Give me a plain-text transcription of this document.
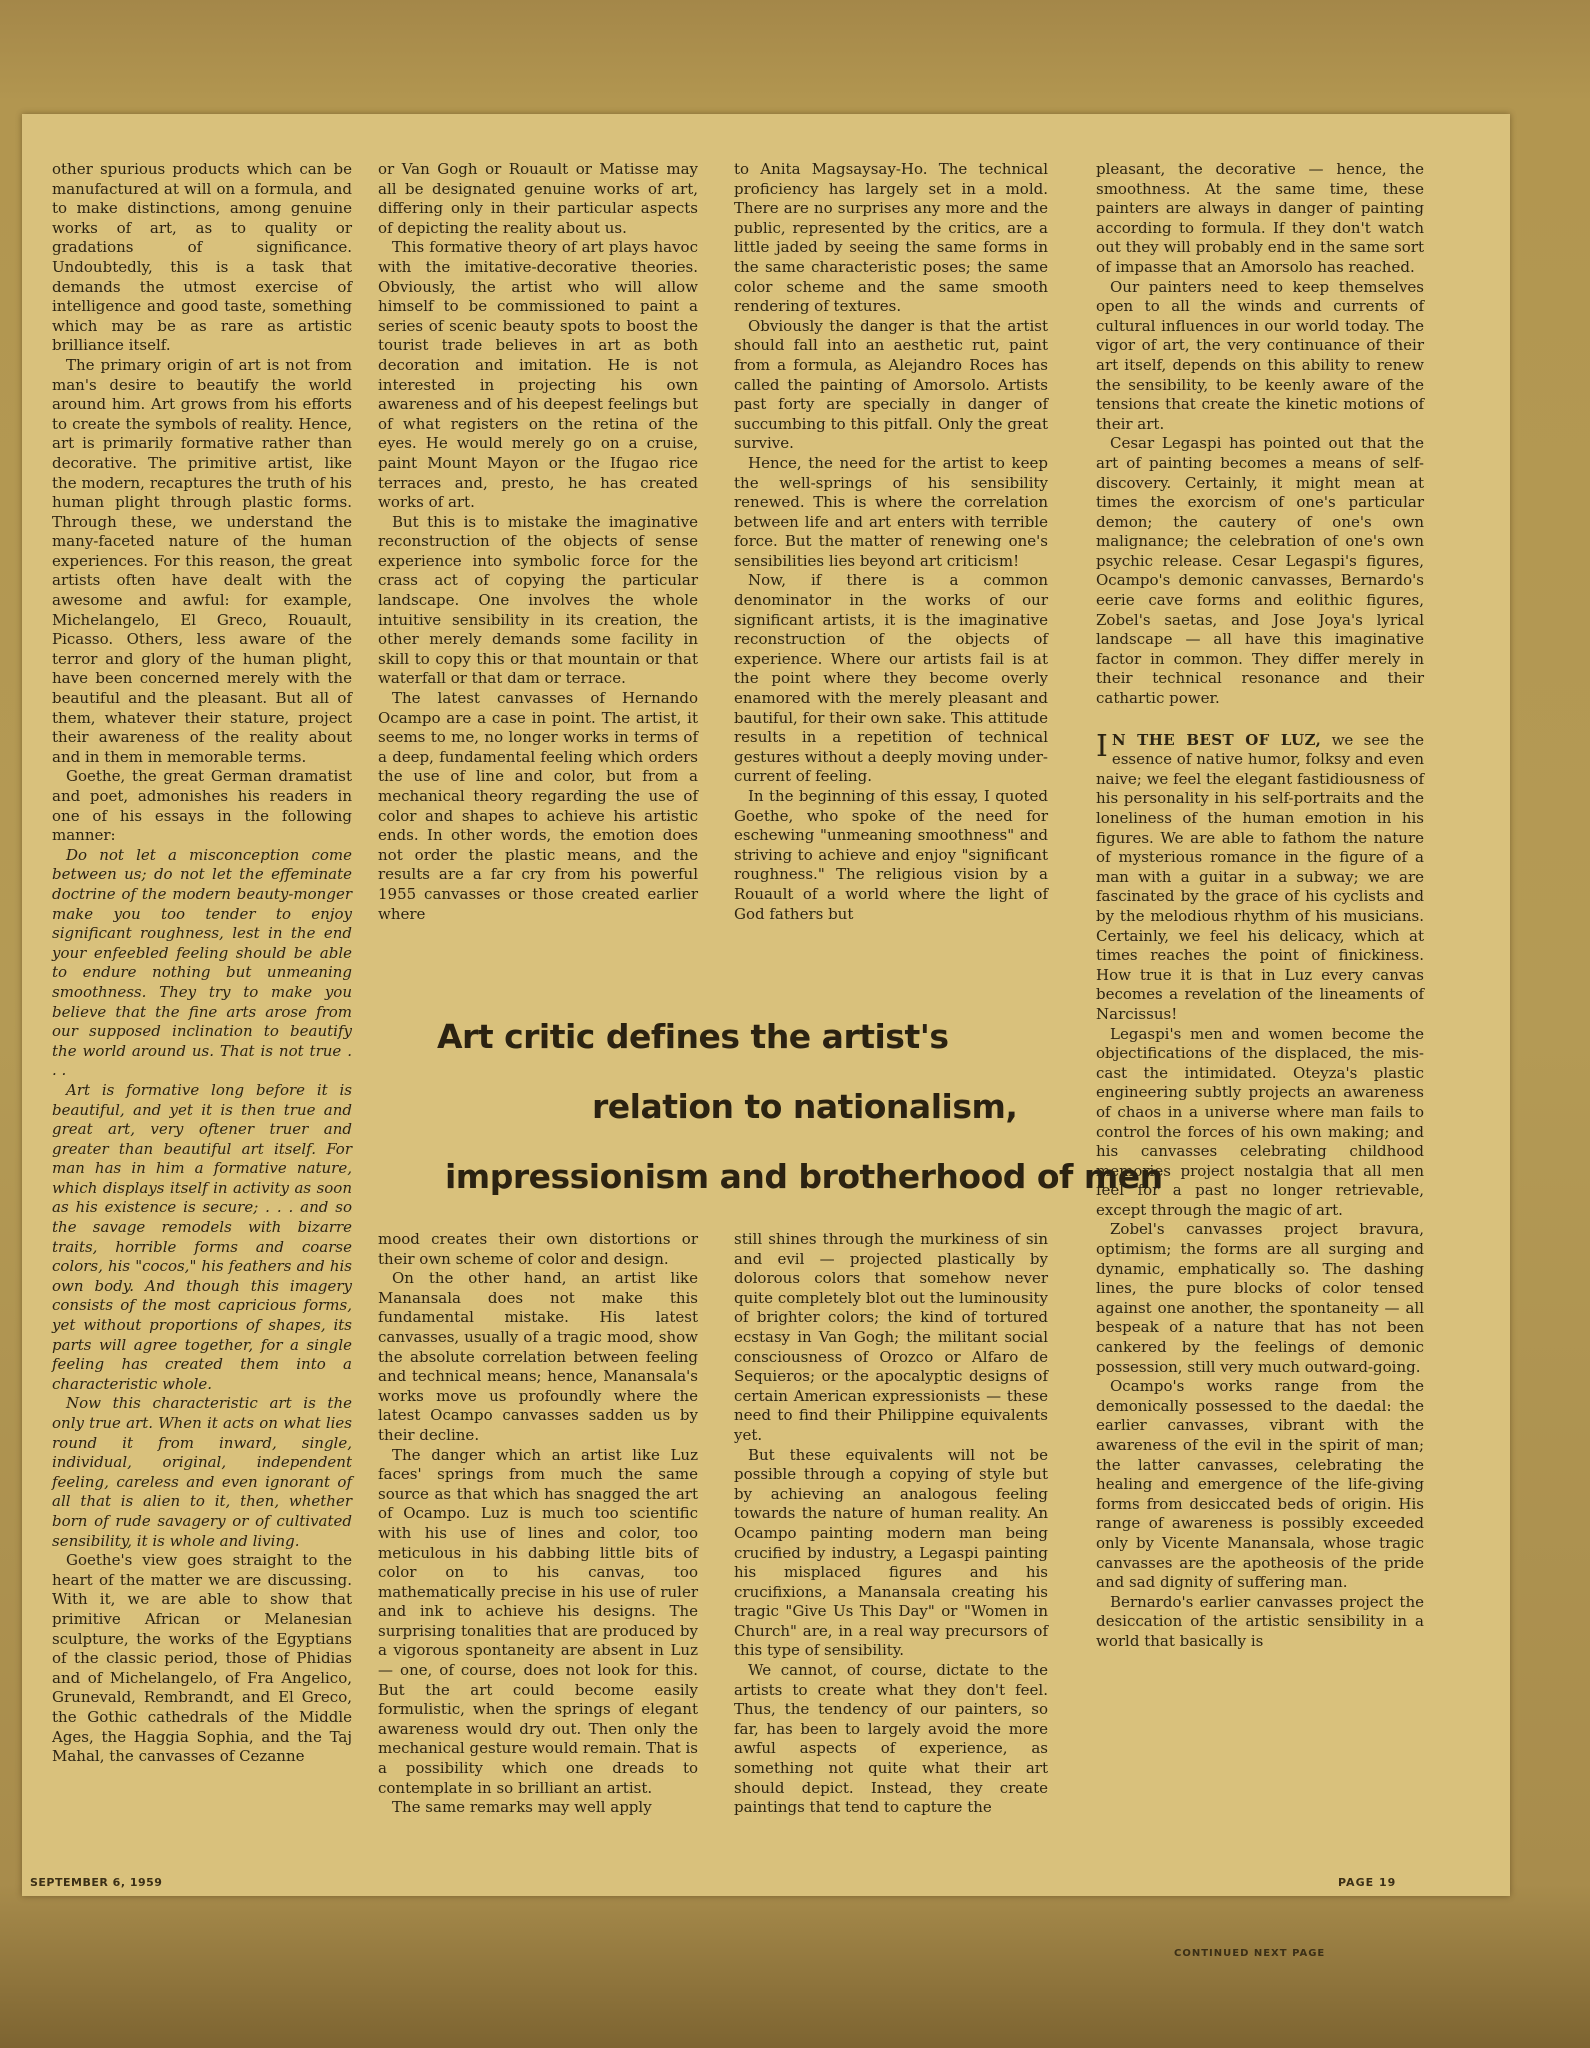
other spurious products which can be manufactured at will on a formula, and to make distinctions, among genuine works of art, as to quality or gradations of significance. Undoubtedly, this is a task that demands the utmost exercise of intelligence and good taste, something which may be as rare as artistic brilliance itself.

The primary origin of art is not from man's desire to beautify the world around him. Art grows from his efforts to create the symbols of reality. Hence, art is primarily formative rather than decorative. The primitive artist, like the modern, recaptures the truth of his human plight through plastic forms. Through these, we understand the many-faceted nature of the human experiences. For this reason, the great artists often have dealt with the awesome and awful: for example, Michelangelo, El Greco, Rouault, Picasso. Others, less aware of the terror and glory of the human plight, have been concerned merely with the beautiful and the pleasant. But all of them, whatever their stature, project their awareness of the reality about and in them in memorable terms.

Goethe, the great German dramatist and poet, admonishes his readers in one of his essays in the following manner:

Do not let a misconception come between us; do not let the effeminate doctrine of the modern beauty-monger make you too tender to enjoy significant roughness, lest in the end your enfeebled feeling should be able to endure nothing but unmeaning smoothness. They try to make you believe that the fine arts arose from our supposed inclination to beautify the world around us. That is not true . . .

Art is formative long before it is beautiful, and yet it is then true and great art, very oftener truer and greater than beautiful art itself. For man has in him a formative nature, which displays itself in activity as soon as his existence is secure; . . . and so the savage remodels with bizarre traits, horrible forms and coarse colors, his "cocos," his feathers and his own body. And though this imagery consists of the most capricious forms, yet without proportions of shapes, its parts will agree together, for a single feeling has created them into a characteristic whole.

Now this characteristic art is the only true art. When it acts on what lies round it from inward, single, individual, original, independent feeling, careless and even ignorant of all that is alien to it, then, whether born of rude savagery or of cultivated sensibility, it is whole and living.

Goethe's view goes straight to the heart of the matter we are discussing. With it, we are able to show that primitive African or Melanesian sculpture, the works of the Egyptians of the classic period, those of Phidias and of Michelangelo, of Fra Angelico, Grunevald, Rembrandt, and El Greco, the Gothic cathedrals of the Middle Ages, the Haggia Sophia, and the Taj Mahal, the canvasses of Cezanne

or Van Gogh or Rouault or Matisse may all be designated genuine works of art, differing only in their particular aspects of depicting the reality about us.

This formative theory of art plays havoc with the imitative-decorative theories. Obviously, the artist who will allow himself to be commissioned to paint a series of scenic beauty spots to boost the tourist trade believes in art as both decoration and imitation. He is not interested in projecting his own awareness and of his deepest feelings but of what registers on the retina of the eyes. He would merely go on a cruise, paint Mount Mayon or the Ifugao rice terraces and, presto, he has created works of art.

But this is to mistake the imaginative reconstruction of the objects of sense experience into symbolic force for the crass act of copying the particular landscape. One involves the whole intuitive sensibility in its creation, the other merely demands some facility in skill to copy this or that mountain or that waterfall or that dam or terrace.

The latest canvasses of Hernando Ocampo are a case in point. The artist, it seems to me, no longer works in terms of a deep, fundamental feeling which orders the use of line and color, but from a mechanical theory regarding the use of color and shapes to achieve his artistic ends. In other words, the emotion does not order the plastic means, and the results are a far cry from his powerful 1955 canvasses or those created earlier where

to Anita Magsaysay-Ho. The technical proficiency has largely set in a mold. There are no surprises any more and the public, represented by the critics, are a little jaded by seeing the same forms in the same characteristic poses; the same color scheme and the same smooth rendering of textures.

Obviously the danger is that the artist should fall into an aesthetic rut, paint from a formula, as Alejandro Roces has called the painting of Amorsolo. Artists past forty are specially in danger of succumbing to this pitfall. Only the great survive.

Hence, the need for the artist to keep the well-springs of his sensibility renewed. This is where the correlation between life and art enters with terrible force. But the matter of renewing one's sensibilities lies beyond art criticism!

Now, if there is a common denominator in the works of our significant artists, it is the imaginative reconstruction of the objects of experience. Where our artists fail is at the point where they become overly enamored with the merely pleasant and bautiful, for their own sake. This attitude results in a repetition of technical gestures without a deeply moving under-current of feeling.

In the beginning of this essay, I quoted Goethe, who spoke of the need for eschewing "unmeaning smoothness" and striving to achieve and enjoy "significant roughness." The religious vision by a Rouault of a world where the light of God fathers but

Art critic defines the artist's
relation to nationalism,
impressionism and brotherhood of men

mood creates their own distortions or their own scheme of color and design.

On the other hand, an artist like Manansala does not make this fundamental mistake. His latest canvasses, usually of a tragic mood, show the absolute correlation between feeling and technical means; hence, Manansala's works move us profoundly where the latest Ocampo canvasses sadden us by their decline.

The danger which an artist like Luz faces' springs from much the same source as that which has snagged the art of Ocampo. Luz is much too scientific with his use of lines and color, too meticulous in his dabbing little bits of color on to his canvas, too mathematically precise in his use of ruler and ink to achieve his designs. The surprising tonalities that are produced by a vigorous spontaneity are absent in Luz — one, of course, does not look for this. But the art could become easily formulistic, when the springs of elegant awareness would dry out. Then only the mechanical gesture would remain. That is a possibility which one dreads to contemplate in so brilliant an artist.

The same remarks may well apply

still shines through the murkiness of sin and evil — projected plastically by dolorous colors that somehow never quite completely blot out the luminousity of brighter colors; the kind of tortured ecstasy in Van Gogh; the militant social consciousness of Orozco or Alfaro de Sequieros; or the apocalyptic designs of certain American expressionists — these need to find their Philippine equivalents yet.

But these equivalents will not be possible through a copying of style but by achieving an analogous feeling towards the nature of human reality. An Ocampo painting modern man being crucified by industry, a Legaspi painting his misplaced figures and his crucifixions, a Manansala creating his tragic "Give Us This Day" or "Women in Church" are, in a real way precursors of this type of sensibility.

We cannot, of course, dictate to the artists to create what they don't feel. Thus, the tendency of our painters, so far, has been to largely avoid the more awful aspects of experience, as something not quite what their art should depict. Instead, they create paintings that tend to capture the

pleasant, the decorative — hence, the smoothness. At the same time, these painters are always in danger of painting according to formula. If they don't watch out they will probably end in the same sort of impasse that an Amorsolo has reached.

Our painters need to keep themselves open to all the winds and currents of cultural influences in our world today. The vigor of art, the very continuance of their art itself, depends on this ability to renew the sensibility, to be keenly aware of the tensions that create the kinetic motions of their art.

Cesar Legaspi has pointed out that the art of painting becomes a means of self-discovery. Certainly, it might mean at times the exorcism of one's particular demon; the cautery of one's own malignance; the celebration of one's own psychic release. Cesar Legaspi's figures, Ocampo's demonic canvasses, Bernardo's eerie cave forms and eolithic figures, Zobel's saetas, and Jose Joya's lyrical landscape — all have this imaginative factor in common. They differ merely in their technical resonance and their cathartic power.

I N THE BEST OF LUZ, we see the essence of native humor, folksy and even naive; we feel the elegant fastidiousness of his personality in his self-portraits and the loneliness of the human emotion in his figures. We are able to fathom the nature of mysterious romance in the figure of a man with a guitar in a subway; we are fascinated by the grace of his cyclists and by the melodious rhythm of his musicians. Certainly, we feel his delicacy, which at times reaches the point of finickiness. How true it is that in Luz every canvas becomes a revelation of the lineaments of Narcissus!

Legaspi's men and women become the objectifications of the displaced, the mis-cast the intimidated. Oteyza's plastic engineering subtly projects an awareness of chaos in a universe where man fails to control the forces of his own making; and his canvasses celebrating childhood memories project nostalgia that all men feel for a past no longer retrievable, except through the magic of art.

Zobel's canvasses project bravura, optimism; the forms are all surging and dynamic, emphatically so. The dashing lines, the pure blocks of color tensed against one another, the spontaneity — all bespeak of a nature that has not been cankered by the feelings of demonic possession, still very much outward-going.

Ocampo's works range from the demonically possessed to the daedal: the earlier canvasses, vibrant with the awareness of the evil in the spirit of man; the latter canvasses, celebrating the healing and emergence of the life-giving forms from desiccated beds of origin. His range of awareness is possibly exceeded only by Vicente Manansala, whose tragic canvasses are the apotheosis of the pride and sad dignity of suffering man.

Bernardo's earlier canvasses project the desiccation of the artistic sensibility in a world that basically is

CONTINUED NEXT PAGE
SEPTEMBER 6, 1959	PAGE 19
